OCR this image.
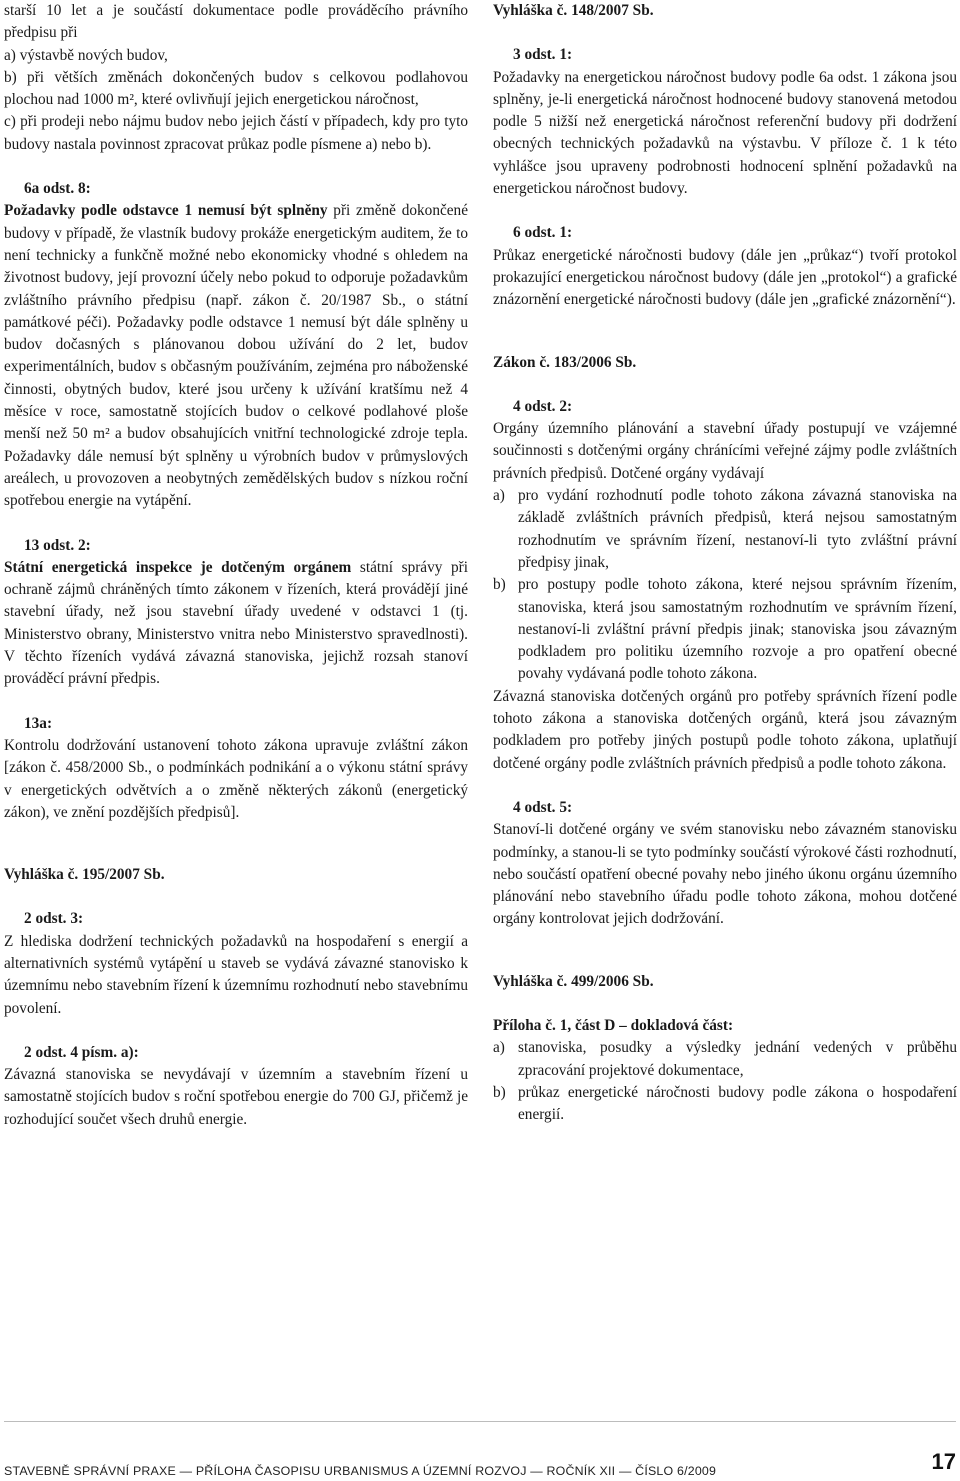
starší 10 let a je součástí dokumentace podle prováděcího právního předpisu při

a) výstavbě nových budov,
b) při větších změnách dokončených budov s celkovou podlahovou plochou nad 1000 m², které ovlivňují jejich energetickou náročnost,
c) při prodeji nebo nájmu budov nebo jejich částí v případech, kdy pro tyto budovy nastala povinnost zpracovat průkaz podle písmene a) nebo b).
6a odst. 8:

Požadavky podle odstavce 1 nemusí být splněny při změně dokončené budovy v případě, že vlastník budovy prokáže energetickým auditem, že to není technicky a funkčně možné nebo ekonomicky vhodné s ohledem na životnost budovy, její provozní účely nebo pokud to odporuje požadavkům zvláštního právního předpisu (např. zákon č. 20/1987 Sb., o státní památkové péči). Požadavky podle odstavce 1 nemusí být dále splněny u budov dočasných s plánovanou dobou užívání do 2 let, budov experimentálních, budov s občasným používáním, zejména pro náboženské činnosti, obytných budov, které jsou určeny k užívání kratšímu než 4 měsíce v roce, samostatně stojících budov o celkové podlahové ploše menší než 50 m² a budov obsahujících vnitřní technologické zdroje tepla. Požadavky dále nemusí být splněny u výrobních budov v průmyslových areálech, u provozoven a neobytných zemědělských budov s nízkou roční spotřebou energie na vytápění.

13 odst. 2:

Státní energetická inspekce je dotčeným orgánem státní správy při ochraně zájmů chráněných tímto zákonem v řízeních, která provádějí jiné stavební úřady, než jsou stavební úřady uvedené v odstavci 1 (tj. Ministerstvo obrany, Ministerstvo vnitra nebo Ministerstvo spravedlnosti). V těchto řízeních vydává závazná stanoviska, jejichž rozsah stanoví prováděcí právní předpis.

13a:

Kontrolu dodržování ustanovení tohoto zákona upravuje zvláštní zákon [zákon č. 458/2000 Sb., o podmínkách podnikání a o výkonu státní správy v energetických odvětvích a o změně některých zákonů (energetický zákon), ve znění pozdějších předpisů].

Vyhláška č. 195/2007 Sb.
2 odst. 3:

Z hlediska dodržení technických požadavků na hospodaření s energií a alternativních systémů vytápění u staveb se vydává závazné stanovisko k územnímu nebo stavebním řízení k územnímu rozhodnutí nebo stavebnímu povolení.

2 odst. 4 písm. a):

Závazná stanoviska se nevydávají v územním a stavebním řízení u samostatně stojících budov s roční spotřebou energie do 700 GJ, přičemž je rozhodující součet všech druhů energie.

Vyhláška č. 148/2007 Sb.
3 odst. 1:

Požadavky na energetickou náročnost budovy podle 6a odst. 1 zákona jsou splněny, je-li energetická náročnost hodnocené budovy stanovená metodou podle 5 nižší než energetická náročnost referenční budovy při dodržení obecných technických požadavků na výstavbu. V příloze č. 1 k této vyhlášce jsou upraveny podrobnosti hodnocení splnění požadavků na energetickou náročnost budovy.

6 odst. 1:

Průkaz energetické náročnosti budovy (dále jen „průkaz“) tvoří protokol prokazující energetickou náročnost budovy (dále jen „protokol“) a grafické znázornění energetické náročnosti budovy (dále jen „grafické znázornění“).

Zákon č. 183/2006 Sb.
4 odst. 2:

Orgány územního plánování a stavební úřady postupují ve vzájemné součinnosti s dotčenými orgány chránícími veřejné zájmy podle zvláštních právních předpisů. Dotčené orgány vydávají

a) pro vydání rozhodnutí podle tohoto zákona závazná stanoviska na základě zvláštních právních předpisů, která nejsou samostatným rozhodnutím ve správním řízení, nestanoví-li tyto zvláštní právní předpisy jinak,
b) pro postupy podle tohoto zákona, které nejsou správním řízením, stanoviska, která jsou samostatným rozhodnutím ve správním řízení, nestanoví-li zvláštní právní předpis jinak; stanoviska jsou závazným podkladem pro politiku územního rozvoje a pro opatření obecné povahy vydávaná podle tohoto zákona.

Závazná stanoviska dotčených orgánů pro potřeby správních řízení podle tohoto zákona a stanoviska dotčených orgánů, která jsou závazným podkladem pro potřeby jiných postupů podle tohoto zákona, uplatňují dotčené orgány podle zvláštních právních předpisů a podle tohoto zákona.

4 odst. 5:

Stanoví-li dotčené orgány ve svém stanovisku nebo závazném stanovisku podmínky, a stanou-li se tyto podmínky součástí výrokové části rozhodnutí, nebo součástí opatření obecné povahy nebo jiného úkonu orgánu územního plánování nebo stavebního úřadu podle tohoto zákona, mohou dotčené orgány kontrolovat jejich dodržování.

Vyhláška č. 499/2006 Sb.
Příloha č. 1, část D – dokladová část:
a) stanoviska, posudky a výsledky jednání vedených v průběhu zpracování projektové dokumentace,
b) průkaz energetické náročnosti budovy podle zákona o hospodaření energií.
STAVEBNĚ SPRÁVNÍ PRAXE — PŘÍLOHA ČASOPISU URBANISMUS A ÚZEMNÍ ROZVOJ — ROČNÍK XII — ČÍSLO 6/2009	17
